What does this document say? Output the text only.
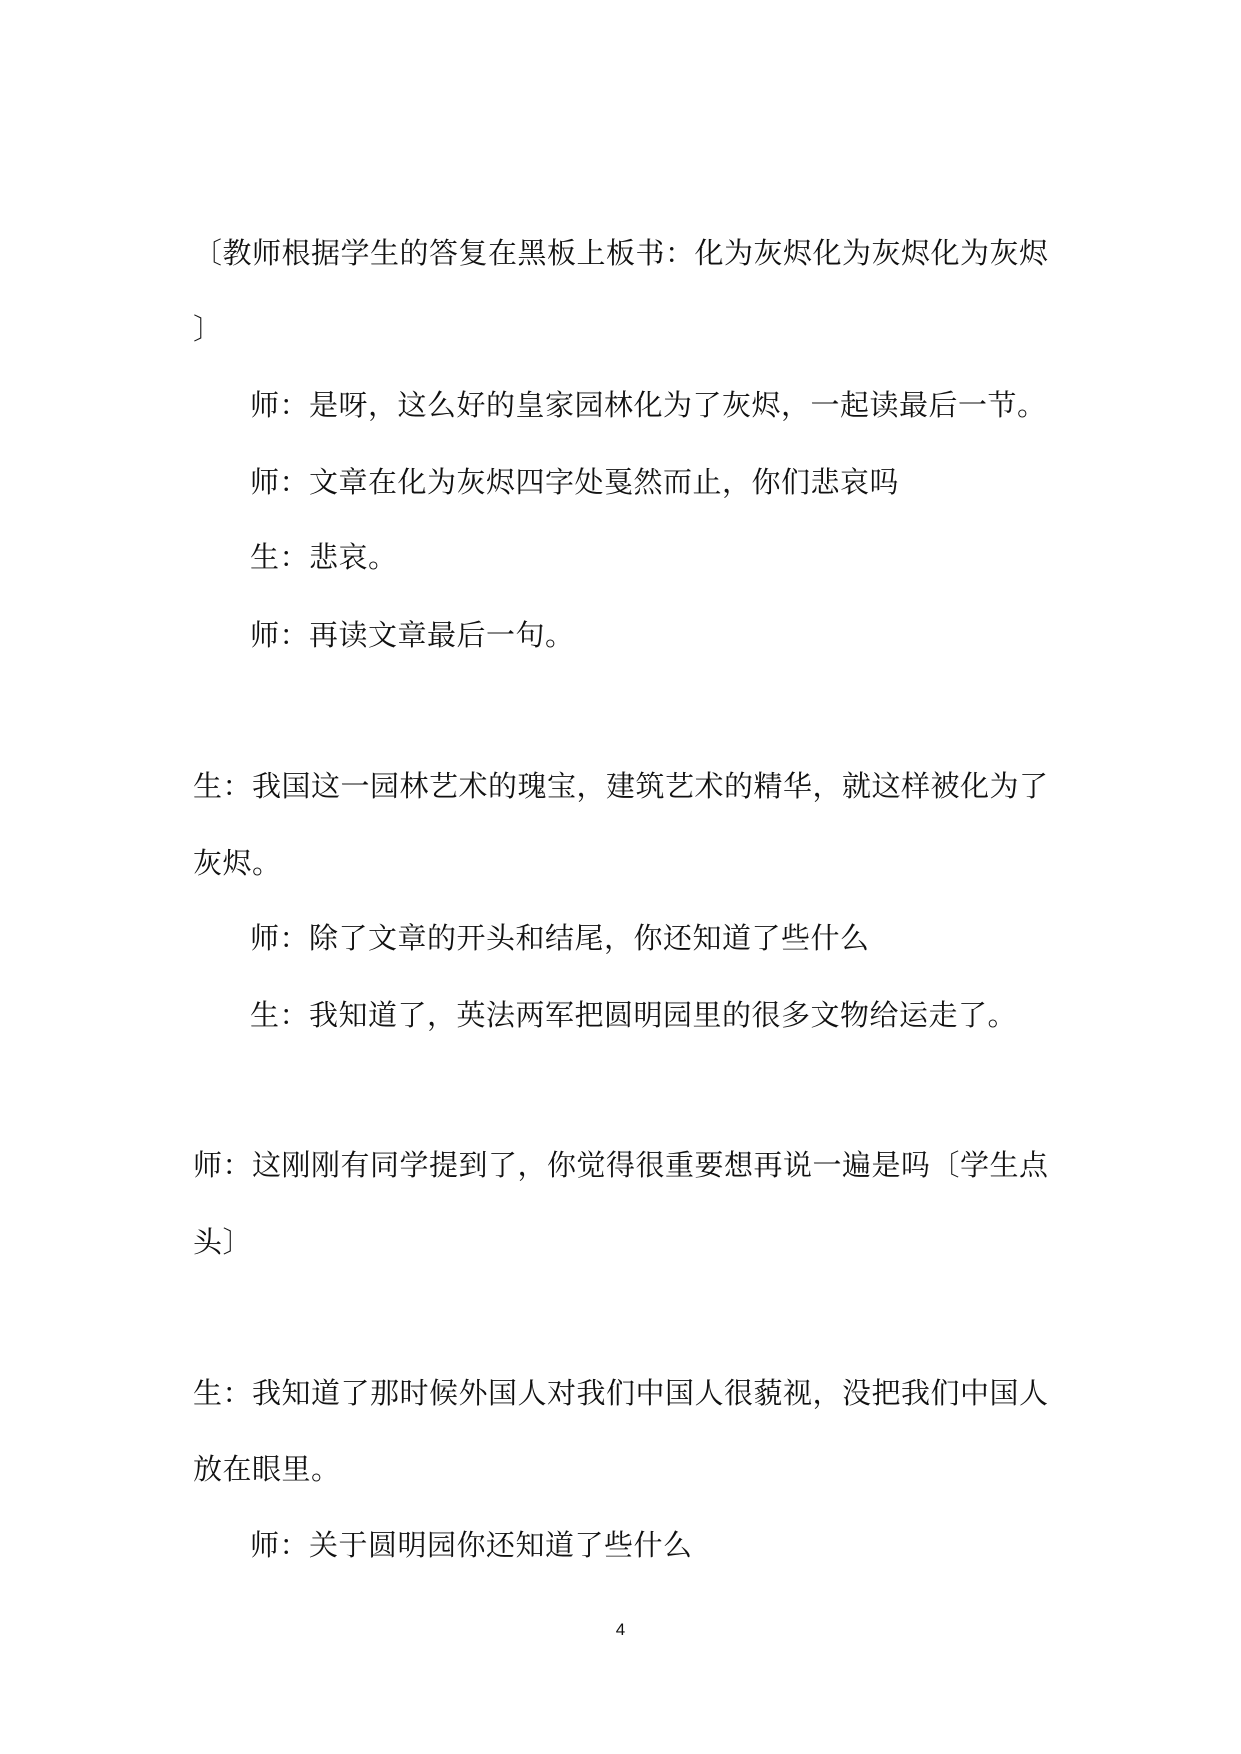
〔教师根据学生的答复在黑板上板书：化为灰烬化为灰烬化为灰烬
〕
师：是呀，这么好的皇家园林化为了灰烬，一起读最后一节。
师：文章在化为灰烬四字处戛然而止，你们悲哀吗
生：悲哀。
师：再读文章最后一句。
生：我国这一园林艺术的瑰宝，建筑艺术的精华，就这样被化为了
灰烬。
师：除了文章的开头和结尾，你还知道了些什么
生：我知道了，英法两军把圆明园里的很多文物给运走了。
师：这刚刚有同学提到了，你觉得很重要想再说一遍是吗〔学生点
头〕
生：我知道了那时候外国人对我们中国人很藐视，没把我们中国人
放在眼里。
师：关于圆明园你还知道了些什么
4
